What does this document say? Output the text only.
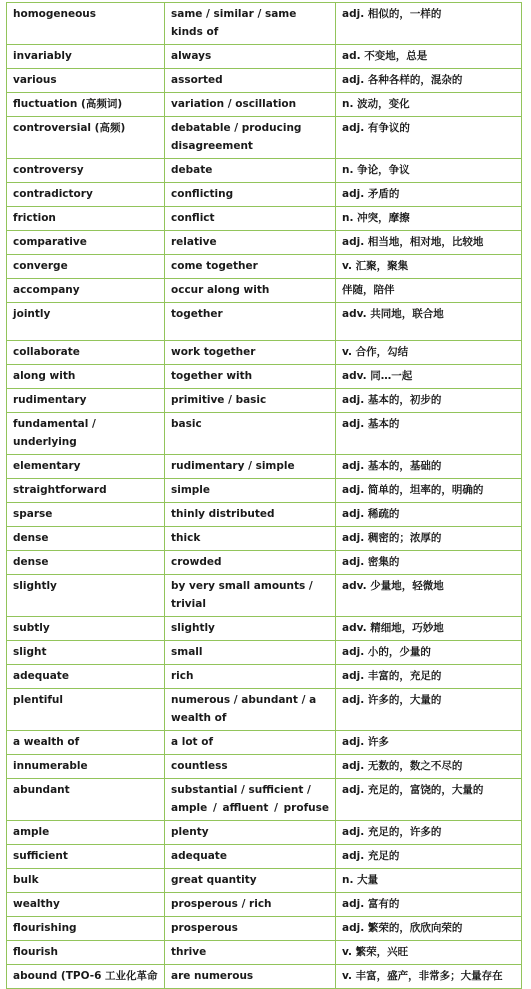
homogeneous	same / similar / same kinds of	adj. 相似的，一样的
invariably	always	ad. 不变地，总是
various	assorted	adj. 各种各样的，混杂的
fluctuation (高频词)	variation / oscillation	n. 波动，变化
controversial (高频)	debatable / producing disagreement	adj. 有争议的
controversy	debate	n. 争论，争议
contradictory	conflicting	adj. 矛盾的
friction	conflict	n. 冲突，摩擦
comparative	relative	adj. 相当地，相对地，比较地
converge	come together	v. 汇聚，聚集
accompany	occur along with	伴随，陪伴
jointly	together	adv. 共同地，联合地
collaborate	work together	v. 合作，勾结
along with	together with	adv. 同…一起
rudimentary	primitive / basic	adj. 基本的，初步的
fundamental / underlying	basic	adj. 基本的
elementary	rudimentary / simple	adj. 基本的，基础的
straightforward	simple	adj. 简单的，坦率的，明确的
sparse	thinly distributed	adj. 稀疏的
dense	thick	adj. 稠密的；浓厚的
dense	crowded	adj. 密集的
slightly	by very small amounts / trivial	adv. 少量地，轻微地
subtly	slightly	adv. 精细地，巧妙地
slight	small	adj. 小的，少量的
adequate	rich	adj. 丰富的，充足的
plentiful	numerous / abundant / a wealth of	adj. 许多的，大量的
a wealth of	a lot of	adj. 许多
innumerable	countless	adj. 无数的，数之不尽的
abundant	substantial / sufficient / ample / affluent / profuse	adj. 充足的，富饶的，大量的
ample	plenty	adj. 充足的，许多的
sufficient	adequate	adj. 充足的
bulk	great quantity	n. 大量
wealthy	prosperous / rich	adj. 富有的
flourishing	prosperous	adj. 繁荣的，欣欣向荣的
flourish	thrive	v. 繁荣，兴旺
abound (TPO-6 工业化革命	are numerous	v. 丰富，盛产，非常多；大量存在
